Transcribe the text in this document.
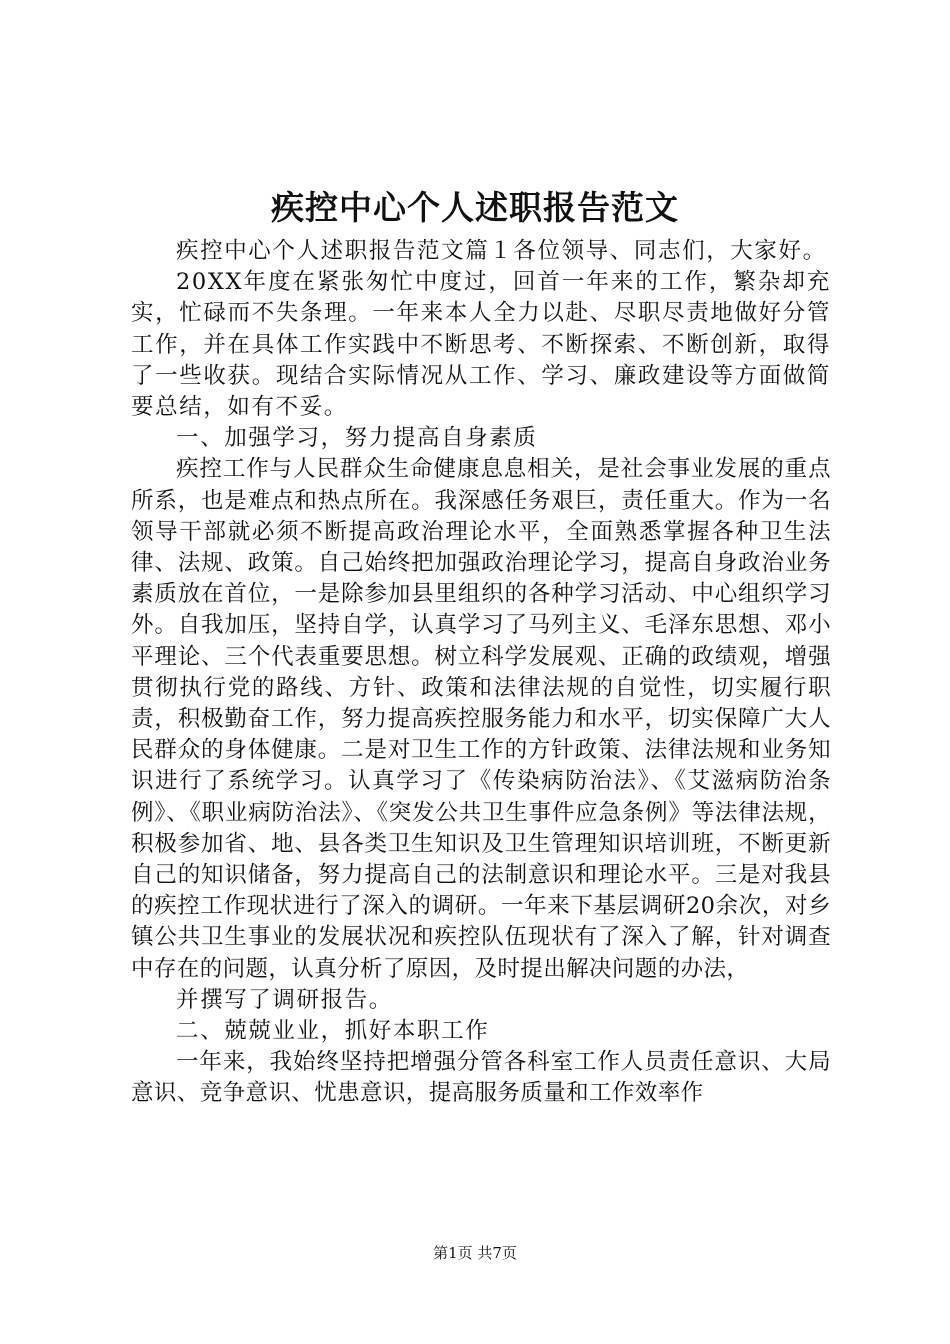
疾控中心个人述职报告范文

疾控中心个人述职报告范文篇１各位领导、同志们，大家好。

20XX年度在紧张匆忙中度过，回首一年来的工作，繁杂却充实，忙碌而不失条理。一年来本人全力以赴、尽职尽责地做好分管工作，并在具体工作实践中不断思考、不断探索、不断创新，取得了一些收获。现结合实际情况从工作、学习、廉政建设等方面做简要总结，如有不妥。

一、加强学习，努力提高自身素质

疾控工作与人民群众生命健康息息相关，是社会事业发展的重点所系，也是难点和热点所在。我深感任务艰巨，责任重大。作为一名领导干部就必须不断提高政治理论水平，全面熟悉掌握各种卫生法律、法规、政策。自己始终把加强政治理论学习，提高自身政治业务素质放在首位，一是除参加县里组织的各种学习活动、中心组织学习外。自我加压，坚持自学，认真学习了马列主义、毛泽东思想、邓小平理论、三个代表重要思想。树立科学发展观、正确的政绩观，增强贯彻执行党的路线、方针、政策和法律法规的自觉性，切实履行职责，积极勤奋工作，努力提高疾控服务能力和水平，切实保障广大人民群众的身体健康。二是对卫生工作的方针政策、法律法规和业务知识进行了系统学习。认真学习了《传染病防治法》、《艾滋病防治条例》、《职业病防治法》、《突发公共卫生事件应急条例》等法律法规，积极参加省、地、县各类卫生知识及卫生管理知识培训班，不断更新自己的知识储备，努力提高自己的法制意识和理论水平。三是对我县的疾控工作现状进行了深入的调研。一年来下基层调研20余次，对乡镇公共卫生事业的发展状况和疾控队伍现状有了深入了解，针对调查中存在的问题，认真分析了原因，及时提出解决问题的办法，

并撰写了调研报告。

二、兢兢业业，抓好本职工作

一年来，我始终坚持把增强分管各科室工作人员责任意识、大局意识、竞争意识、忧患意识，提高服务质量和工作效率作

第1页 共7页
